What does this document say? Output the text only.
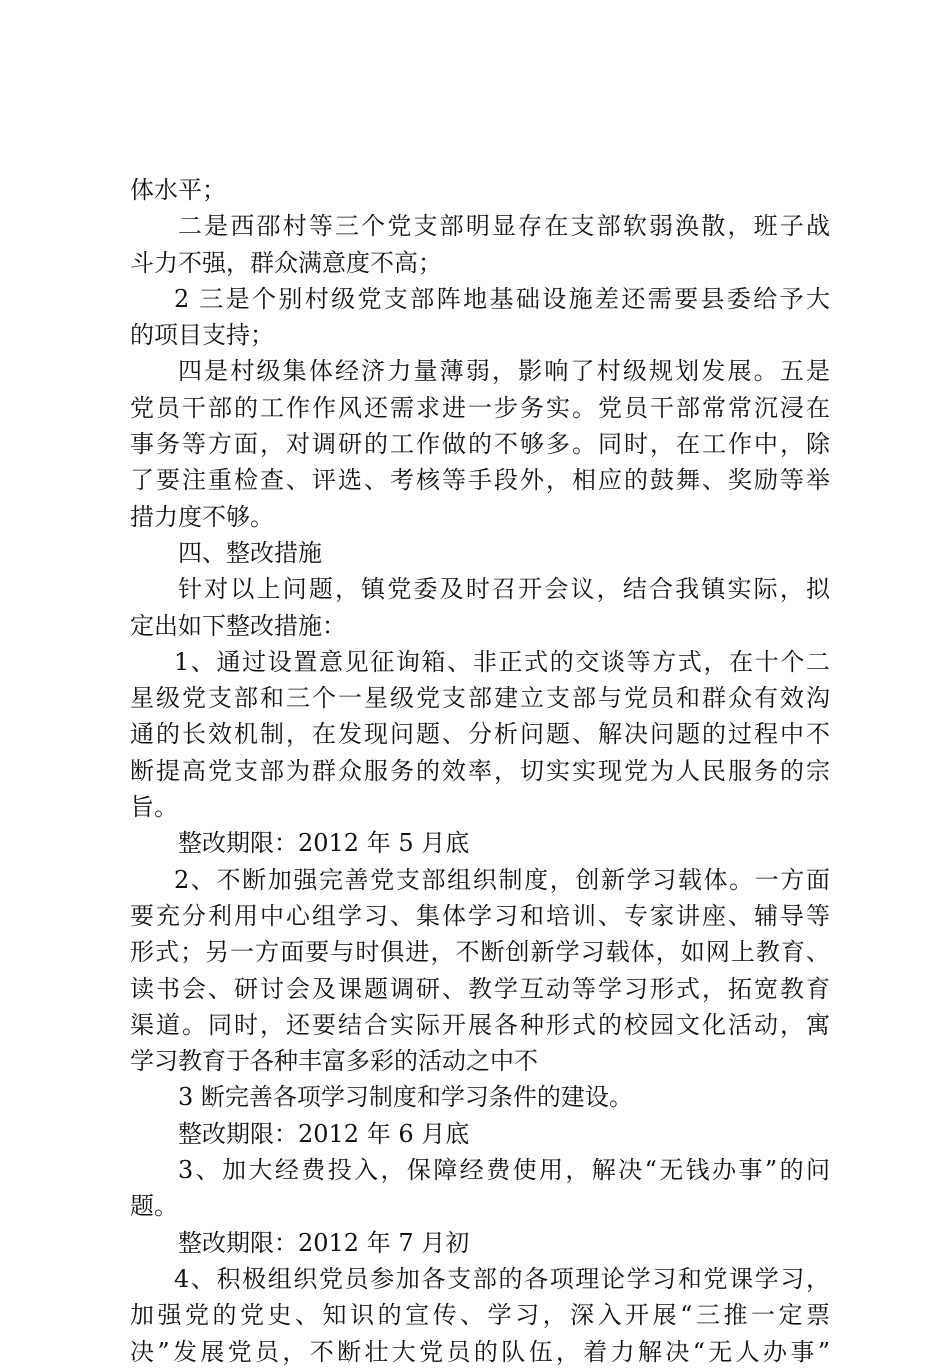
体水平；
二是西邵村等三个党支部明显存在支部软弱涣散，班子战
斗力不强，群众满意度不高；
2 三是个别村级党支部阵地基础设施差还需要县委给予大
的项目支持；
四是村级集体经济力量薄弱，影响了村级规划发展。五是
党员干部的工作作风还需求进一步务实。党员干部常常沉浸在
事务等方面，对调研的工作做的不够多。同时，在工作中，除
了要注重检查、评选、考核等手段外，相应的鼓舞、奖励等举
措力度不够。
四、整改措施
针对以上问题，镇党委及时召开会议，结合我镇实际，拟
定出如下整改措施：
1、通过设置意见征询箱、非正式的交谈等方式，在十个二
星级党支部和三个一星级党支部建立支部与党员和群众有效沟
通的长效机制，在发现问题、分析问题、解决问题的过程中不
断提高党支部为群众服务的效率，切实实现党为人民服务的宗
旨。
整改期限：2012 年 5 月底
2、不断加强完善党支部组织制度，创新学习载体。一方面
要充分利用中心组学习、集体学习和培训、专家讲座、辅导等
形式；另一方面要与时俱进，不断创新学习载体，如网上教育、
读书会、研讨会及课题调研、教学互动等学习形式，拓宽教育
渠道。同时，还要结合实际开展各种形式的校园文化活动，寓
学习教育于各种丰富多彩的活动之中不
3 断完善各项学习制度和学习条件的建设。
整改期限：2012 年 6 月底
3、加大经费投入，保障经费使用，解决“无钱办事”的问
题。
整改期限：2012 年 7 月初
4、积极组织党员参加各支部的各项理论学习和党课学习，
加强党的党史、知识的宣传、学习，深入开展“三推一定票
决”发展党员，不断壮大党员的队伍，着力解决“无人办事”
